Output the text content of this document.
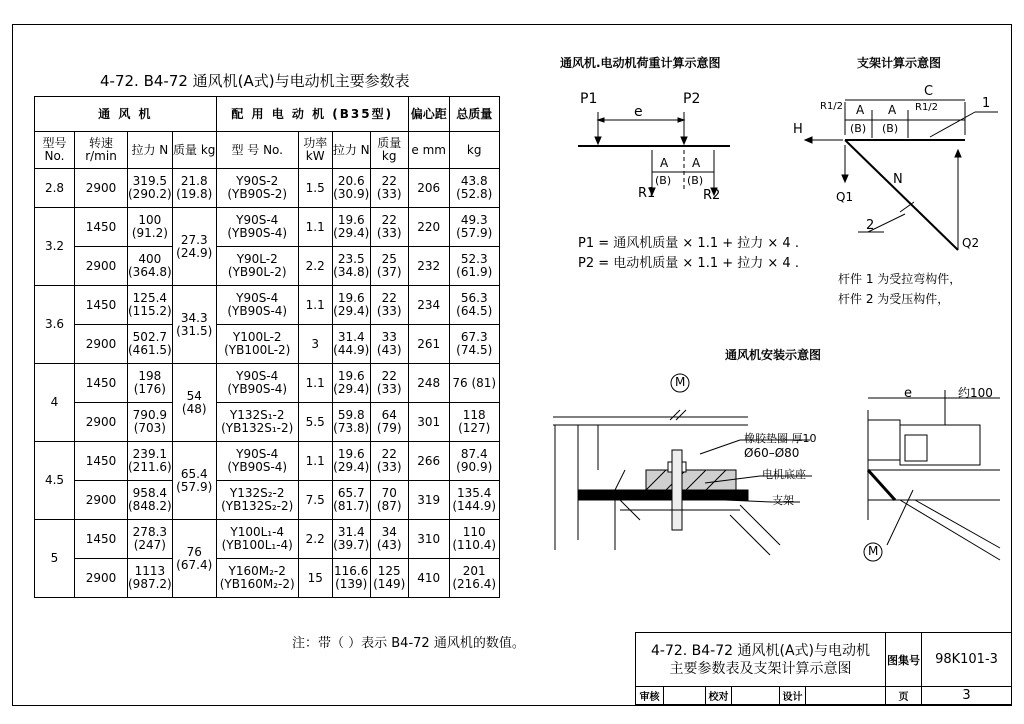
4-72. B4-72 通风机(A式)与电动机主要参数表
通 风 机				配 用 电 动 机 (B35型)				偏心距	总质量
型号 No.	转速 r/min	拉力 N	质量 kg	型 号 No.	功率 kW	拉力 N	质量 kg	e mm	kg
2.8	2900	319.5 (290.2)	21.8 (19.8)	Y90S-2 (YB90S-2)	1.5	20.6 (30.9)	22 (33)	206	43.8 (52.8)
3.2	1450	100 (91.2)	27.3 (24.9)	Y90S-4 (YB90S-4)	1.1	19.6 (29.4)	22 (33)	220	49.3 (57.9)
	2900	400 (364.8)		Y90L-2 (YB90L-2)	2.2	23.5 (34.8)	25 (37)	232	52.3 (61.9)
3.6	1450	125.4 (115.2)	34.3 (31.5)	Y90S-4 (YB90S-4)	1.1	19.6 (29.4)	22 (33)	234	56.3 (64.5)
	2900	502.7 (461.5)		Y100L-2 (YB100L-2)	3	31.4 (44.9)	33 (43)	261	67.3 (74.5)
4	1450	198 (176)	54 (48)	Y90S-4 (YB90S-4)	1.1	19.6 (29.4)	22 (33)	248	76 (81)
	2900	790.9 (703)		Y132S₁-2 (YB132S₁-2)	5.5	59.8 (73.8)	64 (79)	301	118 (127)
4.5	1450	239.1 (211.6)	65.4 (57.9)	Y90S-4 (YB90S-4)	1.1	19.6 (29.4)	22 (33)	266	87.4 (90.9)
	2900	958.4 (848.2)		Y132S₂-2 (YB132S₂-2)	7.5	65.7 (81.7)	70 (87)	319	135.4 (144.9)
5	1450	278.3 (247)	76 (67.4)	Y100L₁-4 (YB100L₁-4)	2.2	31.4 (39.7)	34 (43)	310	110 (110.4)
	2900	1113 (987.2)		Y160M₂-2 (YB160M₂-2)	15	116.6 (139)	125 (149)	410	201 (216.4)
注：带（ ）表示 B4-72 通风机的数值。
通风机.电动机荷重计算示意图
P1	P2
e
A A
(B) (B)
R1	R2
P1 = 通风机质量 × 1.1 + 拉力 × 4 .
P2 = 电动机质量 × 1.1 + 拉力 × 4 .
支架计算示意图
C
R1/2 A A R1/2
(B) (B)
H
Q1
N
Q2
1
2
杆件 1 为受拉弯构件，
杆件 2 为受压构件，
通风机安装示意图
M
M
橡胶垫圈 厚10
Ø60–Ø80
电机底座
支架
e	约100
4-72. B4-72 通风机(A式)与电动机
主要参数表及支架计算示意图						图集号	98K101-3
审核		校对		设计		页	3
